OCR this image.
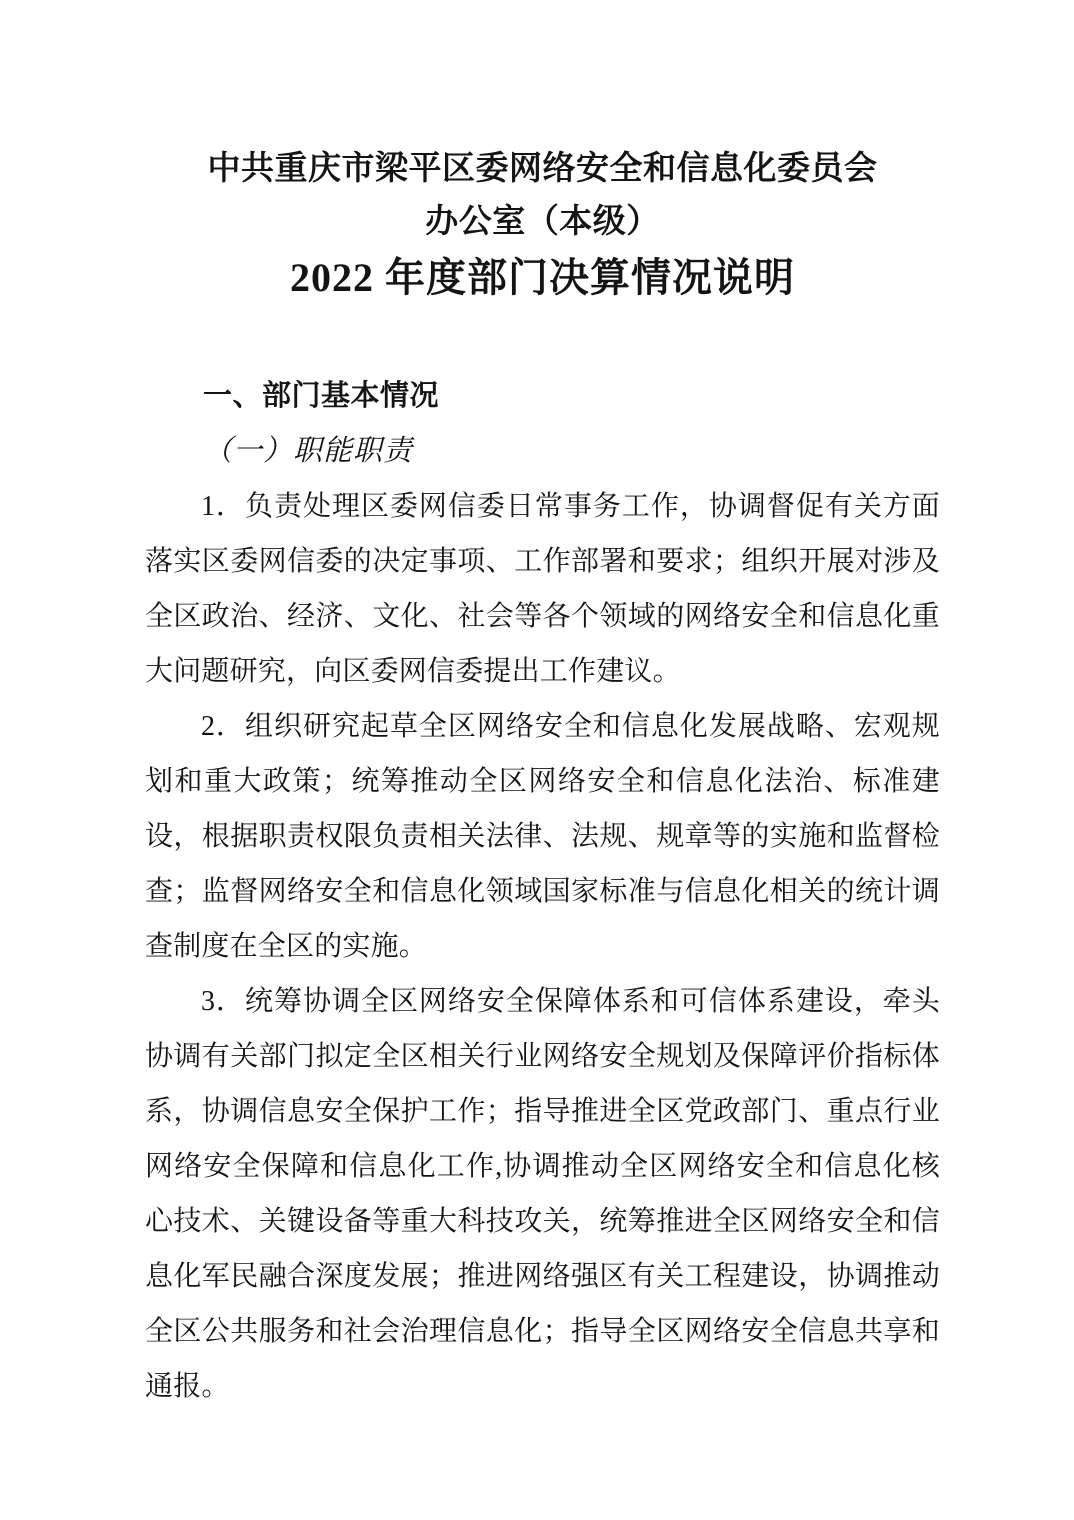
中共重庆市梁平区委网络安全和信息化委员会
办公室（本级）
2022 年度部门决算情况说明
一、部门基本情况
（一）职能职责

1．负责处理区委网信委日常事务工作，协调督促有关方面落实区委网信委的决定事项、工作部署和要求；组织开展对涉及全区政治、经济、文化、社会等各个领域的网络安全和信息化重大问题研究，向区委网信委提出工作建议。

2．组织研究起草全区网络安全和信息化发展战略、宏观规划和重大政策；统筹推动全区网络安全和信息化法治、标准建设，根据职责权限负责相关法律、法规、规章等的实施和监督检查；监督网络安全和信息化领域国家标准与信息化相关的统计调查制度在全区的实施。

3．统筹协调全区网络安全保障体系和可信体系建设，牵头协调有关部门拟定全区相关行业网络安全规划及保障评价指标体系，协调信息安全保护工作；指导推进全区党政部门、重点行业网络安全保障和信息化工作,协调推动全区网络安全和信息化核心技术、关键设备等重大科技攻关，统筹推进全区网络安全和信息化军民融合深度发展；推进网络强区有关工程建设，协调推动全区公共服务和社会治理信息化；指导全区网络安全信息共享和通报。
